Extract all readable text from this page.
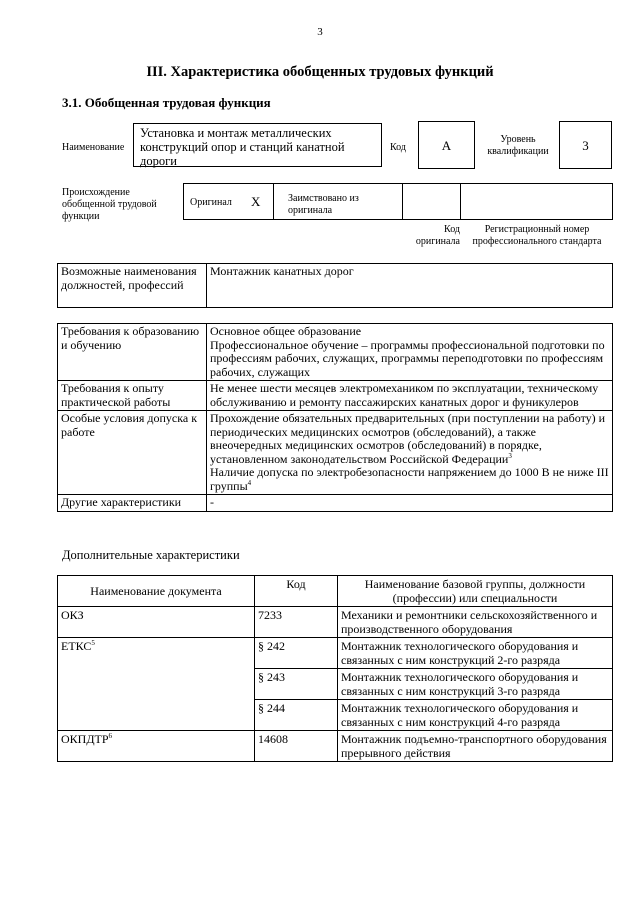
3
III. Характеристика обобщенных трудовых функций
3.1. Обобщенная трудовая функция
Наименование
Установка и монтаж металлических конструкций опор и станций канатной дороги
Код	A	Уровень квалификации	3
Происхождение обобщенной трудовой функции
Оригинал X	Заимствовано из оригинала
Код оригинала
Регистрационный номер профессионального стандарта
Возможные наименования должностей, профессий	Монтажник канатных дорог
Требования к образованию и обучению	Основное общее образование
Профессиональное обучение – программы профессиональной подготовки по профессиям рабочих, служащих, программы переподготовки по профессиям рабочих, служащих

Требования к опыту практической работы	Не менее шести месяцев электромехаником по эксплуатации, техническому обслуживанию и ремонту пассажирских канатных дорог и фуникулеров

Особые условия допуска к работе	Прохождение обязательных предварительных (при поступлении на работу) и периодических медицинских осмотров (обследований), а также внеочередных медицинских осмотров (обследований) в порядке, установленном законодательством Российской Федерации$^3$
Наличие допуска по электробезопасности напряжением до 1000 В не ниже III группы$^4$

Другие характеристики	-
Дополнительные характеристики
Наименование документа	Код	Наименование базовой группы, должности (профессии) или специальности
ОКЗ	7233	Механики и ремонтники сельскохозяйственного и производственного оборудования
ЕТКС$^5$	§ 242	Монтажник технологического оборудования и связанных с ним конструкций 2-го разряда
	§ 243	Монтажник технологического оборудования и связанных с ним конструкций 3-го разряда
	§ 244	Монтажник технологического оборудования и связанных с ним конструкций 4-го разряда
ОКПДТР$^6$	14608	Монтажник подъемно-транспортного оборудования прерывного действия
